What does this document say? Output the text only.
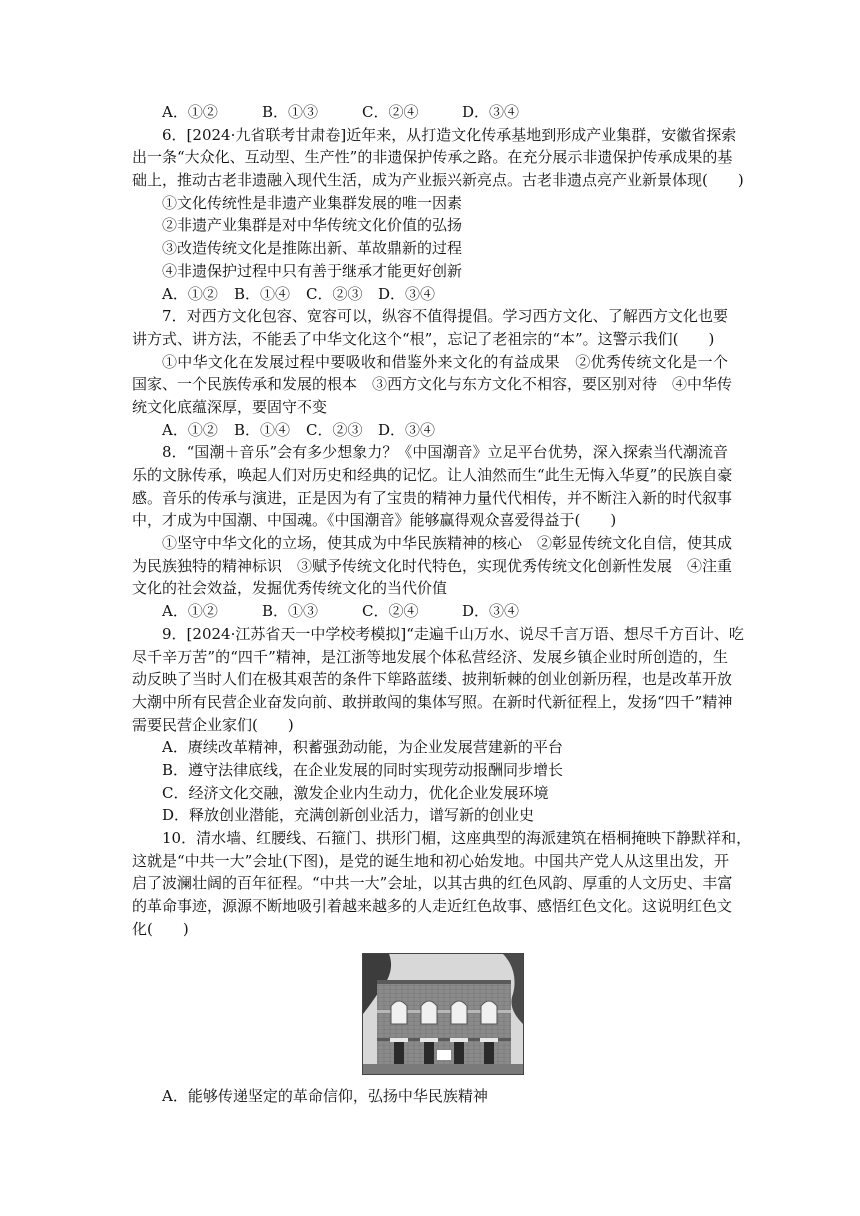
A．①②	B．①③	C．②④	D．③④
6．[2024·九省联考甘肃卷]近年来，从打造文化传承基地到形成产业集群，安徽省探索
出一条“大众化、互动型、生产性”的非遗保护传承之路。在充分展示非遗保护传承成果的基
础上，推动古老非遗融入现代生活，成为产业振兴新亮点。古老非遗点亮产业新景体现(　　)
①文化传统性是非遗产业集群发展的唯一因素
②非遗产业集群是对中华传统文化价值的弘扬
③改造传统文化是推陈出新、革故鼎新的过程
④非遗保护过程中只有善于继承才能更好创新
A．①②	B．①④	C．②③	D．③④
7．对西方文化包容、宽容可以，纵容不值得提倡。学习西方文化、了解西方文化也要
讲方式、讲方法，不能丢了中华文化这个“根”，忘记了老祖宗的“本”。这警示我们(　　)
①中华文化在发展过程中要吸收和借鉴外来文化的有益成果　②优秀传统文化是一个
国家、一个民族传承和发展的根本　③西方文化与东方文化不相容，要区别对待　④中华传
统文化底蕴深厚，要固守不变
A．①②	B．①④	C．②③	D．③④
8．“国潮＋音乐”会有多少想象力？《中国潮音》立足平台优势，深入探索当代潮流音
乐的文脉传承，唤起人们对历史和经典的记忆。让人油然而生“此生无悔入华夏”的民族自豪
感。音乐的传承与演进，正是因为有了宝贵的精神力量代代相传，并不断注入新的时代叙事
中，才成为中国潮、中国魂。《中国潮音》能够赢得观众喜爱得益于(　　)
①坚守中华文化的立场，使其成为中华民族精神的核心　②彰显传统文化自信，使其成
为民族独特的精神标识　③赋予传统文化时代特色，实现优秀传统文化创新性发展　④注重
文化的社会效益，发掘优秀传统文化的当代价值
A．①②	B．①③	C．②④	D．③④
9．[2024·江苏省天一中学校考模拟]“走遍千山万水、说尽千言万语、想尽千方百计、吃
尽千辛万苦”的“四千”精神，是江浙等地发展个体私营经济、发展乡镇企业时所创造的，生
动反映了当时人们在极其艰苦的条件下筚路蓝缕、披荆斩棘的创业创新历程，也是改革开放
大潮中所有民营企业奋发向前、敢拼敢闯的集体写照。在新时代新征程上，发扬“四千”精神
需要民营企业家们(　　)
A．赓续改革精神，积蓄强劲动能，为企业发展营建新的平台
B．遵守法律底线，在企业发展的同时实现劳动报酬同步增长
C．经济文化交融，激发企业内生动力，优化企业发展环境
D．释放创业潜能，充满创新创业活力，谱写新的创业史
10．清水墙、红腰线、石箍门、拱形门楣，这座典型的海派建筑在梧桐掩映下静默祥和，
这就是“中共一大”会址(下图)，是党的诞生地和初心始发地。中国共产党人从这里出发，开
启了波澜壮阔的百年征程。“中共一大”会址，以其古典的红色风韵、厚重的人文历史、丰富
的革命事迹，源源不断地吸引着越来越多的人走近红色故事、感悟红色文化。这说明红色文
化(　　)
A．能够传递坚定的革命信仰，弘扬中华民族精神
